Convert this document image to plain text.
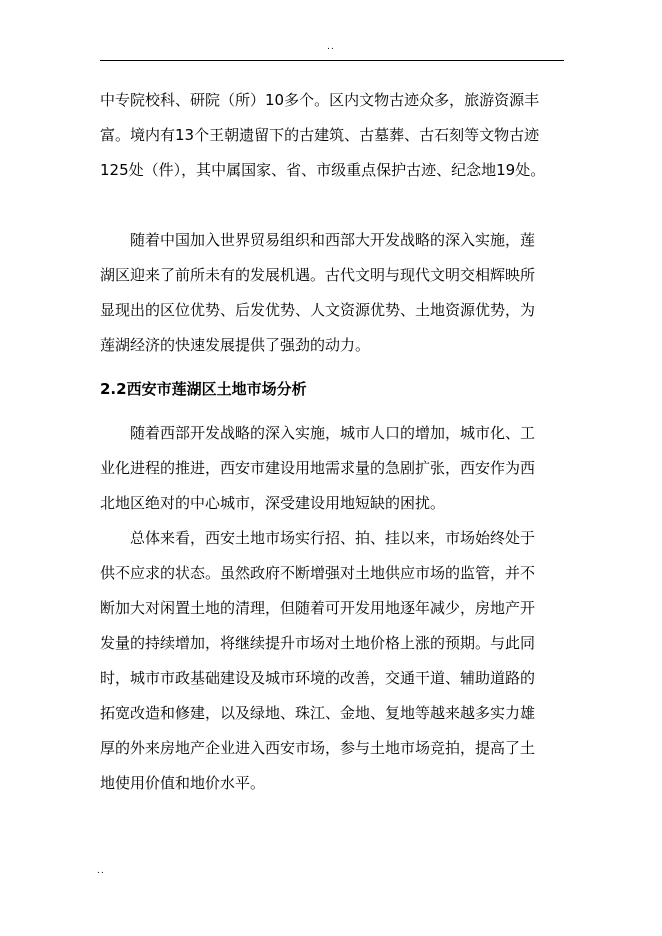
..
中专院校科、研院（所）10多个。区内文物古迹众多，旅游资源丰
富。境内有13个王朝遗留下的古建筑、古墓葬、古石刻等文物古迹
125处（件），其中属国家、省、市级重点保护古迹、纪念地19处。
　　随着中国加入世界贸易组织和西部大开发战略的深入实施，莲
湖区迎来了前所未有的发展机遇。古代文明与现代文明交相辉映所
显现出的区位优势、后发优势、人文资源优势、土地资源优势，为
莲湖经济的快速发展提供了强劲的动力。
2.2西安市莲湖区土地市场分析
　　随着西部开发战略的深入实施，城市人口的增加，城市化、工
业化进程的推进，西安市建设用地需求量的急剧扩张，西安作为西
北地区绝对的中心城市，深受建设用地短缺的困扰。
　　总体来看，西安土地市场实行招、拍、挂以来，市场始终处于
供不应求的状态。虽然政府不断增强对土地供应市场的监管，并不
断加大对闲置土地的清理，但随着可开发用地逐年减少，房地产开
发量的持续增加，将继续提升市场对土地价格上涨的预期。与此同
时，城市市政基础建设及城市环境的改善，交通干道、辅助道路的
拓宽改造和修建，以及绿地、珠江、金地、复地等越来越多实力雄
厚的外来房地产企业进入西安市场，参与土地市场竞拍，提高了土
地使用价值和地价水平。
..
